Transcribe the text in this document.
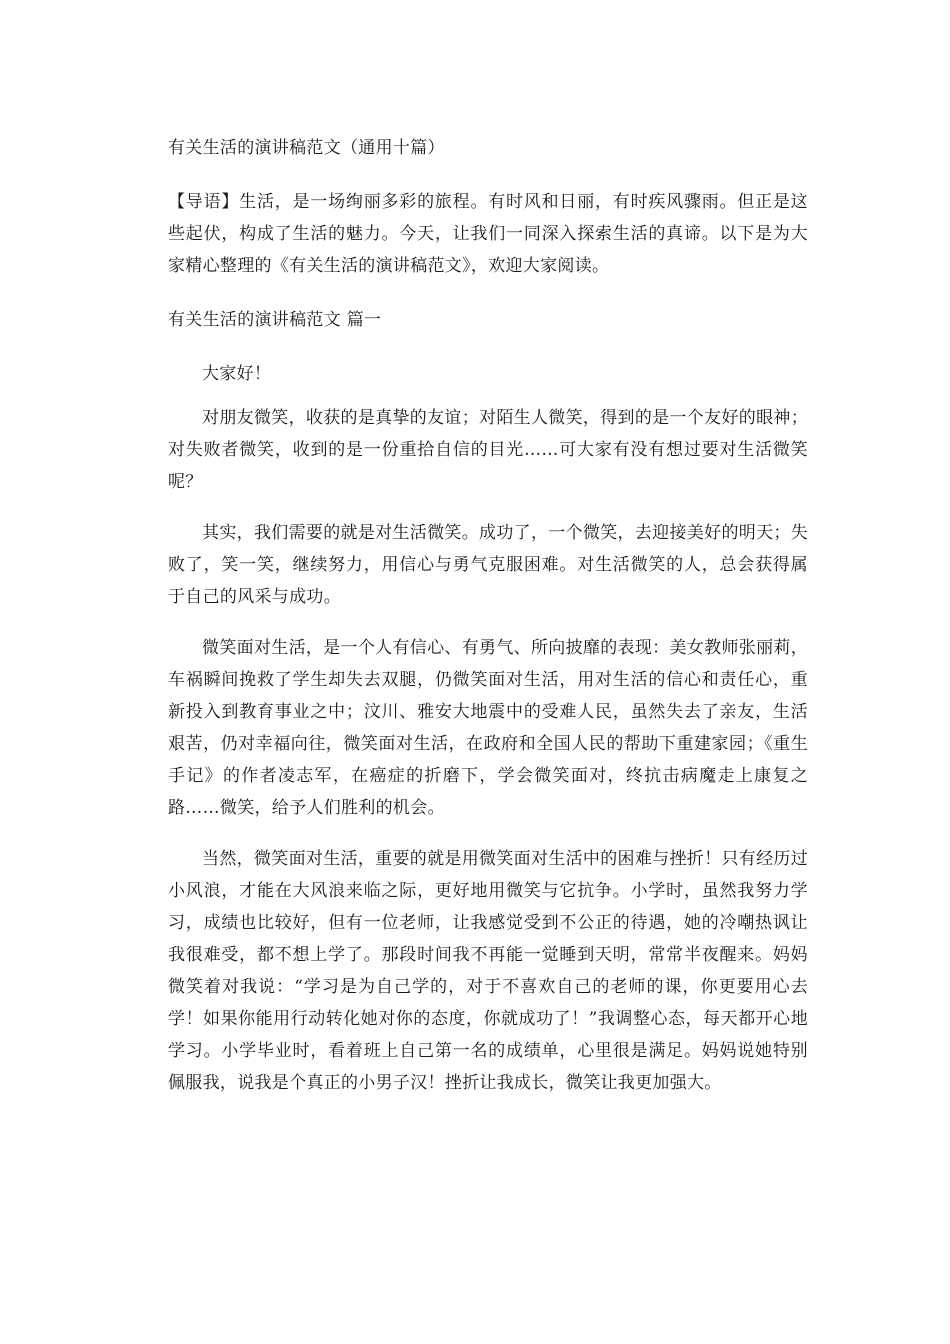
有关生活的演讲稿范文（通用十篇）

【导语】生活，是一场绚丽多彩的旅程。有时风和日丽，有时疾风骤雨。但正是这些起伏，构成了生活的魅力。今天，让我们一同深入探索生活的真谛。以下是为大家精心整理的《有关生活的演讲稿范文》，欢迎大家阅读。

有关生活的演讲稿范文 篇一

大家好！

对朋友微笑，收获的是真挚的友谊；对陌生人微笑，得到的是一个友好的眼神；对失败者微笑，收到的是一份重拾自信的目光……可大家有没有想过要对生活微笑呢？

其实，我们需要的就是对生活微笑。成功了，一个微笑，去迎接美好的明天；失败了，笑一笑，继续努力，用信心与勇气克服困难。对生活微笑的人，总会获得属于自己的风采与成功。

微笑面对生活，是一个人有信心、有勇气、所向披靡的表现：美女教师张丽莉，车祸瞬间挽救了学生却失去双腿，仍微笑面对生活，用对生活的信心和责任心，重新投入到教育事业之中；汶川、雅安大地震中的受难人民，虽然失去了亲友，生活艰苦，仍对幸福向往，微笑面对生活，在政府和全国人民的帮助下重建家园；《重生手记》的作者凌志军，在癌症的折磨下，学会微笑面对，终抗击病魔走上康复之路……微笑，给予人们胜利的机会。

当然，微笑面对生活，重要的就是用微笑面对生活中的困难与挫折！只有经历过小风浪，才能在大风浪来临之际，更好地用微笑与它抗争。小学时，虽然我努力学习，成绩也比较好，但有一位老师，让我感觉受到不公正的待遇，她的冷嘲热讽让我很难受，都不想上学了。那段时间我不再能一觉睡到天明，常常半夜醒来。妈妈微笑着对我说：“学习是为自己学的，对于不喜欢自己的老师的课，你更要用心去学！如果你能用行动转化她对你的态度，你就成功了！”我调整心态，每天都开心地学习。小学毕业时，看着班上自己第一名的成绩单，心里很是满足。妈妈说她特别佩服我，说我是个真正的小男子汉！挫折让我成长，微笑让我更加强大。
